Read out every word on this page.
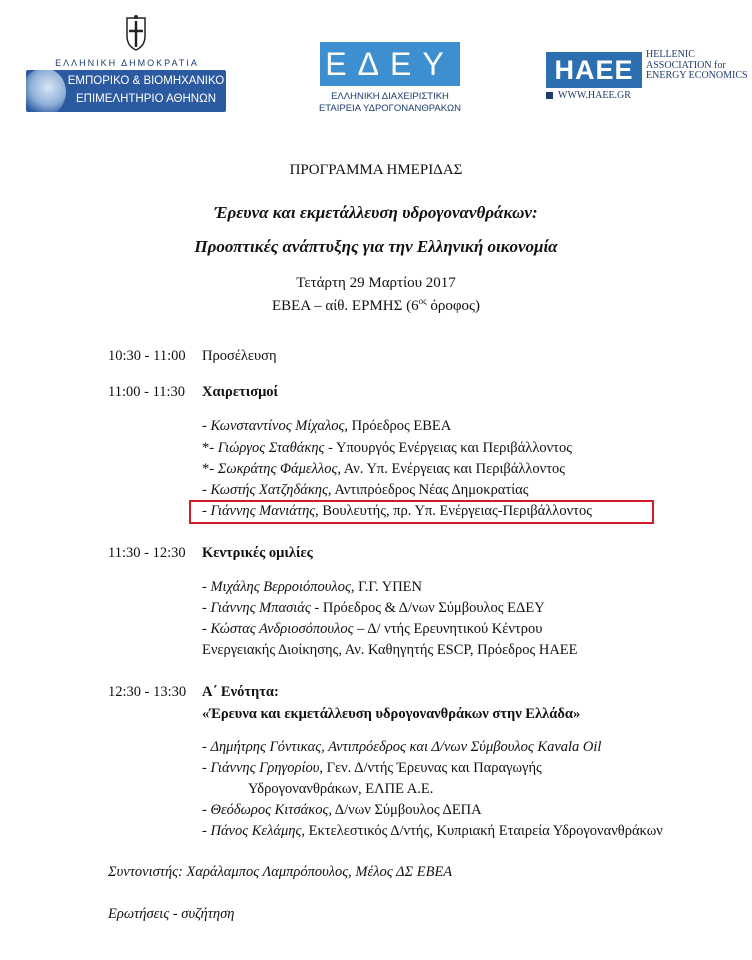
ΕΛΛΗΝΙΚΗ ΔΗΜΟΚΡΑΤΙΑ
ΕΜΠΟΡΙΚΟ & ΒΙΟΜΗΧΑΝΙΚΟ
ΕΠΙΜΕΛΗΤΗΡΙΟ ΑΘΗΝΩΝ
ΕΔΕΥ
ΕΛΛΗΝΙΚΗ ΔΙΑΧΕΙΡΙΣΤΙΚΗ
ΕΤΑΙΡΕΙΑ ΥΔΡΟΓΟΝΑΝΘΡΑΚΩΝ
HAEE
HELLENIC
ASSOCIATION for
ENERGY ECONOMICS
WWW.HAEE.GR
ΠΡΟΓΡΑΜΜΑ ΗΜΕΡΙΔΑΣ
Έρευνα και εκμετάλλευση υδρογονανθράκων:
Προοπτικές ανάπτυξης για την Ελληνική οικονομία
Τετάρτη 29 Μαρτίου 2017
ΕΒΕΑ – αίθ. ΕΡΜΗΣ ($6^{o\varsigma}$ όροφος)
10:30 - 11:00 Προσέλευση
11:00 - 11:30 Χαιρετισμοί
- Κωνσταντίνος Μίχαλος, Πρόεδρος ΕΒΕΑ
*- Γιώργος Σταθάκης - Υπουργός Ενέργειας και Περιβάλλοντος
*- Σωκράτης Φάμελλος, Αν. Υπ. Ενέργειας και Περιβάλλοντος
- Κωστής Χατζηδάκης, Αντιπρόεδρος Νέας Δημοκρατίας
- Γιάννης Μανιάτης, Βουλευτής, πρ. Υπ. Ενέργειας-Περιβάλλοντος
11:30 - 12:30 Κεντρικές ομιλίες
- Μιχάλης Βερροιόπουλος, Γ.Γ. ΥΠΕΝ
- Γιάννης Μπασιάς - Πρόεδρος & Δ/νων Σύμβουλος ΕΔΕΥ
- Κώστας Ανδριοσόπουλος – Δ/ ντής Ερευνητικού Κέντρου
Ενεργειακής Διοίκησης, Αν. Καθηγητής ESCP, Πρόεδρος HAEE
12:30 - 13:30 Α΄ Ενότητα:
«Έρευνα και εκμετάλλευση υδρογονανθράκων στην Ελλάδα»
- Δημήτρης Γόντικας, Αντιπρόεδρος και Δ/νων Σύμβουλος Kavala Oil
- Γιάννης Γρηγορίου, Γεν. Δ/ντής Έρευνας και Παραγωγής
Υδρογονανθράκων, ΕΛΠΕ Α.Ε.
- Θεόδωρος Κιτσάκος, Δ/νων Σύμβουλος ΔΕΠΑ
- Πάνος Κελάμης, Εκτελεστικός Δ/ντής, Κυπριακή Εταιρεία Υδρογονανθράκων
Συντονιστής: Χαράλαμπος Λαμπρόπουλος, Μέλος ΔΣ ΕΒΕΑ
Ερωτήσεις - συζήτηση
